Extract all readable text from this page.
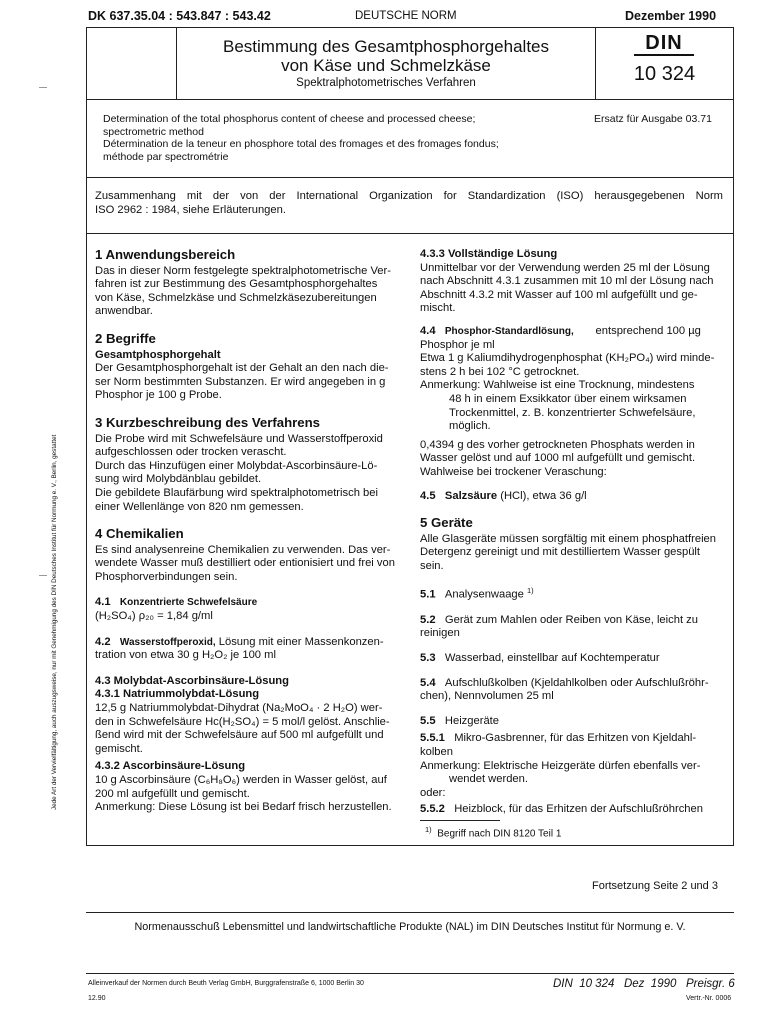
DK 637.35.04 : 543.847 : 543.42	DEUTSCHE NORM	Dezember 1990
Bestimmung des Gesamtphosphorgehaltes
von Käse und Schmelzkäse
Spektralphotometrisches Verfahren
DIN
10 324
Determination of the total phosphorus content of cheese and processed cheese;
spectrometric method
Détermination de la teneur en phosphore total des fromages et des fromages fondus;
méthode par spectrométrie
Ersatz für Ausgabe 03.71
Zusammenhang mit der von der International Organization for Standardization (ISO) herausgegebenen Norm
ISO 2962 : 1984, siehe Erläuterungen.

1 Anwendungsbereich

Das in dieser Norm festgelegte spektralphotometrische Ver-

fahren ist zur Bestimmung des Gesamtphosphorgehaltes

von Käse, Schmelzkäse und Schmelzkäsezubereitungen

anwendbar.

2 Begriffe

Gesamtphosphorgehalt

Der Gesamtphosphorgehalt ist der Gehalt an den nach die-

ser Norm bestimmten Substanzen. Er wird angegeben in g

Phosphor je 100 g Probe.

3 Kurzbeschreibung des Verfahrens

Die Probe wird mit Schwefelsäure und Wasserstoffperoxid

aufgeschlossen oder trocken verascht.

Durch das Hinzufügen einer Molybdat-Ascorbinsäure-Lö-

sung wird Molybdänblau gebildet.

Die gebildete Blaufärbung wird spektralphotometrisch bei

einer Wellenlänge von 820 nm gemessen.

4 Chemikalien

Es sind analysenreine Chemikalien zu verwenden. Das ver-

wendete Wasser muß destilliert oder entionisiert und frei von

Phosphorverbindungen sein.

4.1 Konzentrierte Schwefelsäure

(H₂SO₄) ρ₂₀ = 1,84 g/ml

4.2 Wasserstoffperoxid, Lösung mit einer Massenkonzen-

tration von etwa 30 g H₂O₂ je 100 ml

4.3 Molybdat-Ascorbinsäure-Lösung

4.3.1 Natriummolybdat-Lösung

12,5 g Natriummolybdat-Dihydrat (Na₂MoO₄ · 2 H₂O) wer-

den in Schwefelsäure Hc(H₂SO₄) = 5 mol/l gelöst. Anschlie-

ßend wird mit der Schwefelsäure auf 500 ml aufgefüllt und

gemischt.

4.3.2 Ascorbinsäure-Lösung

10 g Ascorbinsäure (C₆H₈O₆) werden in Wasser gelöst, auf

200 ml aufgefüllt und gemischt.

Anmerkung: Diese Lösung ist bei Bedarf frisch herzustellen.

4.3.3 Vollständige Lösung

Unmittelbar vor der Verwendung werden 25 ml der Lösung

nach Abschnitt 4.3.1 zusammen mit 10 ml der Lösung nach

Abschnitt 4.3.2 mit Wasser auf 100 ml aufgefüllt und ge-

mischt.

4.4 Phosphor-Standardlösung, entsprechend 100 µg

Phosphor je ml

Etwa 1 g Kaliumdihydrogenphosphat (KH₂PO₄) wird minde-

stens 2 h bei 102 °C getrocknet.

Anmerkung: Wahlweise ist eine Trocknung, mindestens

48 h in einem Exsikkator über einem wirksamen

Trockenmittel, z. B. konzentrierter Schwefelsäure,

möglich.

0,4394 g des vorher getrockneten Phosphats werden in

Wasser gelöst und auf 1000 ml aufgefüllt und gemischt.

Wahlweise bei trockener Veraschung:

4.5 Salzsäure (HCl), etwa 36 g/l

5 Geräte

Alle Glasgeräte müssen sorgfältig mit einem phosphatfreien

Detergenz gereinigt und mit destilliertem Wasser gespült

sein.

5.1 Analysenwaage $^{1)}$

5.2 Gerät zum Mahlen oder Reiben von Käse, leicht zu

reinigen

5.3 Wasserbad, einstellbar auf Kochtemperatur

5.4 Aufschlußkolben (Kjeldahlkolben oder Aufschlußröhr-

chen), Nennvolumen 25 ml

5.5 Heizgeräte

5.5.1 Mikro-Gasbrenner, für das Erhitzen von Kjeldahl-

kolben

Anmerkung: Elektrische Heizgeräte dürfen ebenfalls ver-

wendet werden.

oder:

5.5.2 Heizblock, für das Erhitzen der Aufschlußröhrchen

$^{1)}$ Begriff nach DIN 8120 Teil 1
Fortsetzung Seite 2 und 3
Normenausschuß Lebensmittel und landwirtschaftliche Produkte (NAL) im DIN Deutsches Institut für Normung e. V.
Alleinverkauf der Normen durch Beuth Verlag GmbH, Burggrafenstraße 6, 1000 Berlin 30
12.90
DIN  10 324   Dez  1990   Preisgr. 6
Vertr.-Nr. 0006
Jede Art der Vervielfältigung, auch auszugsweise, nur mit Genehmigung des DIN Deutsches Institut für Normung e. V., Berlin, gestattet
